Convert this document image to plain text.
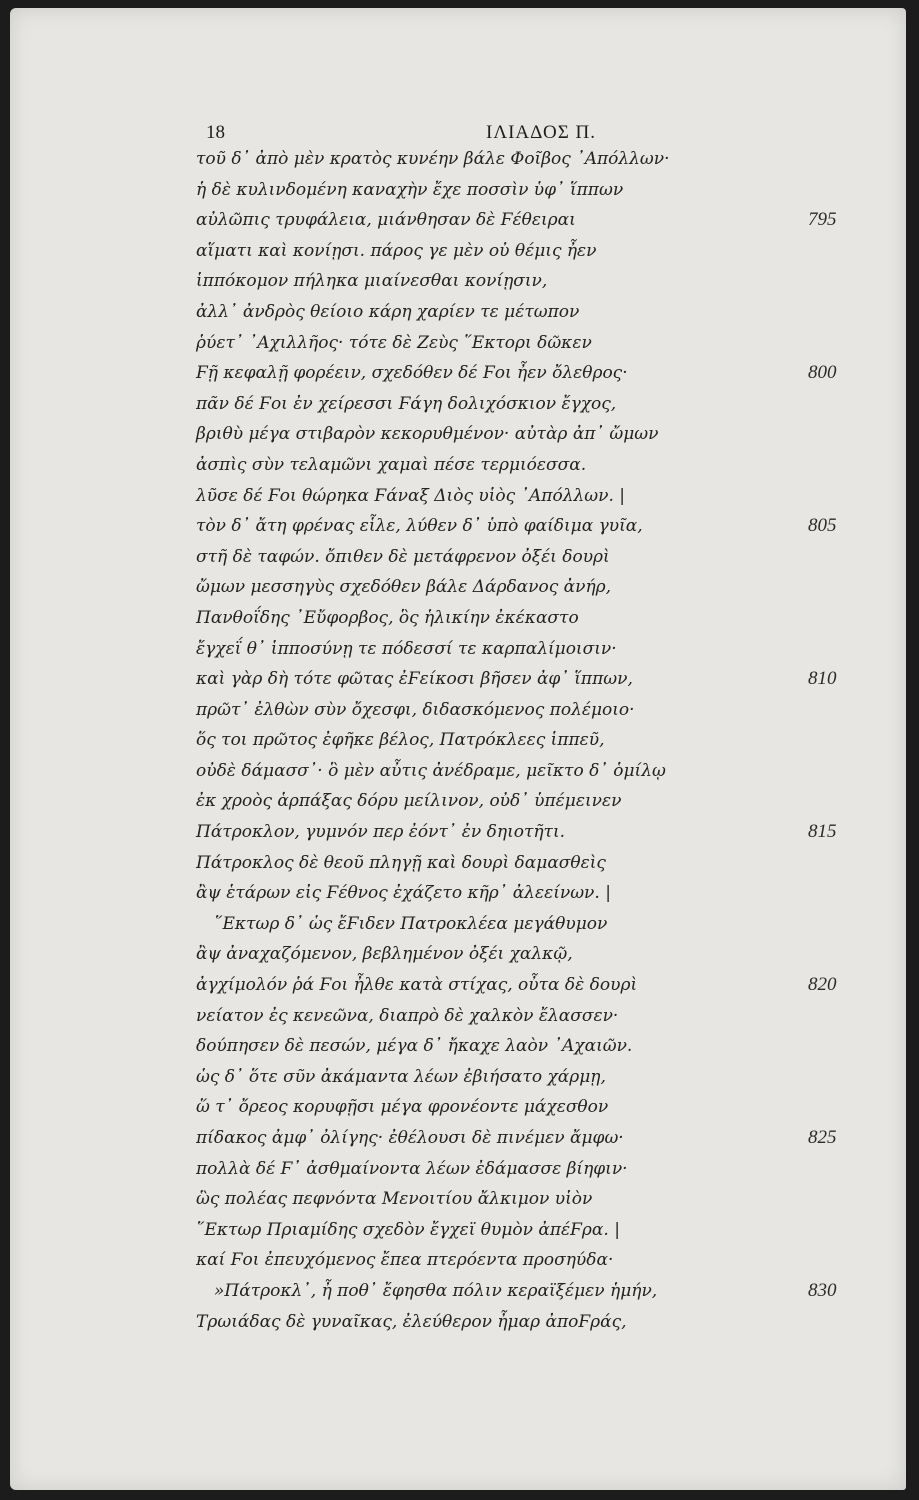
18	ΙΛΙΑΔΟΣ Π.
τοῦ δ᾽ ἀπὸ μὲν κρατὸς κυνέην βάλε Φοῖβος ᾽Απόλλων·
ἡ δὲ κυλινδομένη καναχὴν ἔχε ποσσὶν ὑφ᾽ ἵππων
αὐλῶπις τρυφάλεια, μιάνθησαν δὲ Ϝέθειραι	795
αἵματι καὶ κονίῃσι. πάρος γε μὲν οὐ θέμις ἦεν
ἱππόκομον πήληκα μιαίνεσθαι κονίῃσιν,
ἀλλ᾽ ἀνδρὸς θείοιο κάρη χαρίεν τε μέτωπον
ῥύετ᾽ ᾽Αχιλλῆος· τότε δὲ Ζεὺς ῞Εκτορι δῶκεν
Ϝῇ κεφαλῇ φορέειν, σχεδόθεν δέ Ϝοι ἦεν ὄλεθρος·	800
πᾶν δέ Ϝοι ἐν χείρεσσι Ϝάγη δολιχόσκιον ἔγχος,
βριθὺ μέγα στιβαρὸν κεκορυθμένον· αὐτὰρ ἀπ᾽ ὤμων
ἀσπὶς σὺν τελαμῶνι χαμαὶ πέσε τερμιόεσσα.
λῦσε δέ Ϝοι θώρηκα Ϝάναξ Διὸς υἱὸς ᾽Απόλλων. |
τὸν δ᾽ ἄτη φρένας εἷλε, λύθεν δ᾽ ὑπὸ φαίδιμα γυῖα,	805
στῆ δὲ ταφών. ὄπιθεν δὲ μετάφρενον ὀξέι δουρὶ
ὤμων μεσσηγὺς σχεδόθεν βάλε Δάρδανος ἀνήρ,
Πανθοΐδης ᾽Εὔφορβος, ὃς ἡλικίην ἐκέκαστο
ἔγχεΐ θ᾽ ἱπποσύνῃ τε πόδεσσί τε καρπαλίμοισιν·
καὶ γὰρ δὴ τότε φῶτας ἐϜείκοσι βῆσεν ἀφ᾽ ἵππων,	810
πρῶτ᾽ ἐλθὼν σὺν ὄχεσφι, διδασκόμενος πολέμοιο·
ὅς τοι πρῶτος ἐφῆκε βέλος, Πατρόκλεες ἱππεῦ,
οὐδὲ δάμασσ᾽· ὃ μὲν αὖτις ἀνέδραμε, μεῖκτο δ᾽ ὁμίλῳ
ἐκ χροὸς ἁρπάξας δόρυ μείλινον, οὐδ᾽ ὑπέμεινεν
Πάτροκλον, γυμνόν περ ἐόντ᾽ ἐν δηιοτῆτι.	815
Πάτροκλος δὲ θεοῦ πληγῇ καὶ δουρὶ δαμασθεὶς
ἂψ ἑτάρων εἰς Ϝέθνος ἐχάζετο κῆρ᾽ ἀλεείνων. |
῞Εκτωρ δ᾽ ὡς ἔϜιδεν Πατροκλέεα μεγάθυμον
ἂψ ἀναχαζόμενον, βεβλημένον ὀξέι χαλκῷ,
ἀγχίμολόν ῥά Ϝοι ἦλθε κατὰ στίχας, οὖτα δὲ δουρὶ	820
νείατον ἐς κενεῶνα, διαπρὸ δὲ χαλκὸν ἔλασσεν·
δούπησεν δὲ πεσών, μέγα δ᾽ ἤκαχε λαὸν ᾽Αχαιῶν.
ὡς δ᾽ ὅτε σῦν ἀκάμαντα λέων ἐβιήσατο χάρμῃ,
ὥ τ᾽ ὄρεος κορυφῇσι μέγα φρονέοντε μάχεσθον
πίδακος ἀμφ᾽ ὀλίγης· ἐθέλουσι δὲ πινέμεν ἄμφω·	825
πολλὰ δέ Ϝ᾽ ἀσθμαίνοντα λέων ἐδάμασσε βίηφιν·
ὣς πολέας πεφνόντα Μενοιτίου ἄλκιμον υἱὸν
῞Εκτωρ Πριαμίδης σχεδὸν ἔγχεϊ θυμὸν ἀπέϜρα. |
καί Ϝοι ἐπευχόμενος ἔπεα πτερόεντα προσηύδα·
»Πάτροκλ᾽, ἦ ποθ᾽ ἔφησθα πόλιν κεραϊξέμεν ἡμήν,	830
Τρωιάδας δὲ γυναῖκας, ἐλεύθερον ἦμαρ ἀποϜράς,
